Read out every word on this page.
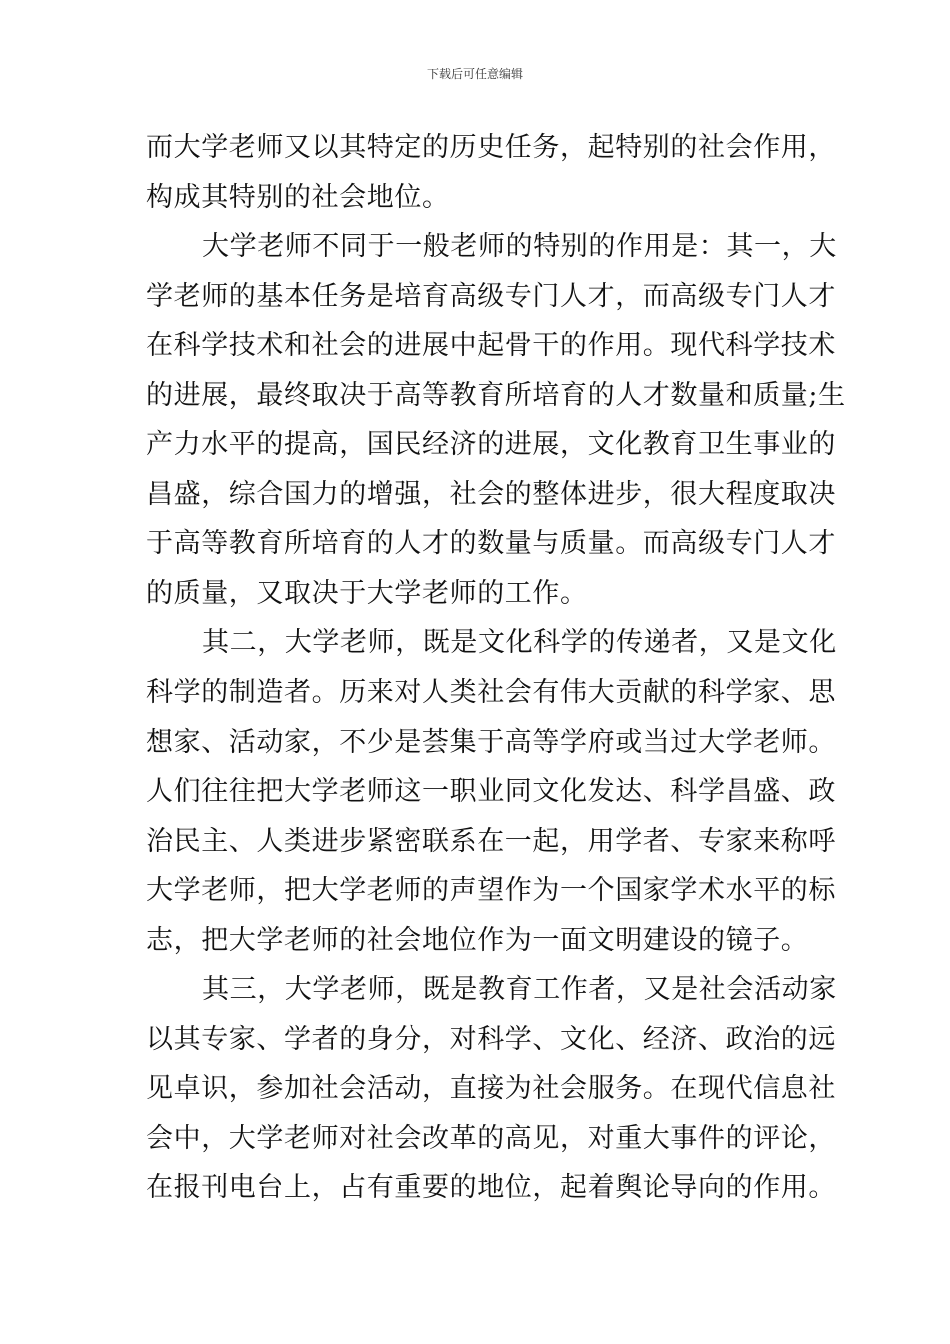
下载后可任意编辑
而大学老师又以其特定的历史任务，起特别的社会作用，
构成其特别的社会地位。
大学老师不同于一般老师的特别的作用是：其一，大
学老师的基本任务是培育高级专门人才，而高级专门人才
在科学技术和社会的进展中起骨干的作用。现代科学技术
的进展，最终取决于高等教育所培育的人才数量和质量;生
产力水平的提高，国民经济的进展，文化教育卫生事业的
昌盛，综合国力的增强，社会的整体进步，很大程度取决
于高等教育所培育的人才的数量与质量。而高级专门人才
的质量，又取决于大学老师的工作。
其二，大学老师，既是文化科学的传递者，又是文化
科学的制造者。历来对人类社会有伟大贡献的科学家、思
想家、活动家，不少是荟集于高等学府或当过大学老师。
人们往往把大学老师这一职业同文化发达、科学昌盛、政
治民主、人类进步紧密联系在一起，用学者、专家来称呼
大学老师，把大学老师的声望作为一个国家学术水平的标
志，把大学老师的社会地位作为一面文明建设的镜子。
其三，大学老师，既是教育工作者，又是社会活动家
以其专家、学者的身分，对科学、文化、经济、政治的远
见卓识，参加社会活动，直接为社会服务。在现代信息社
会中，大学老师对社会改革的高见，对重大事件的评论，
在报刊电台上，占有重要的地位，起着舆论导向的作用。
